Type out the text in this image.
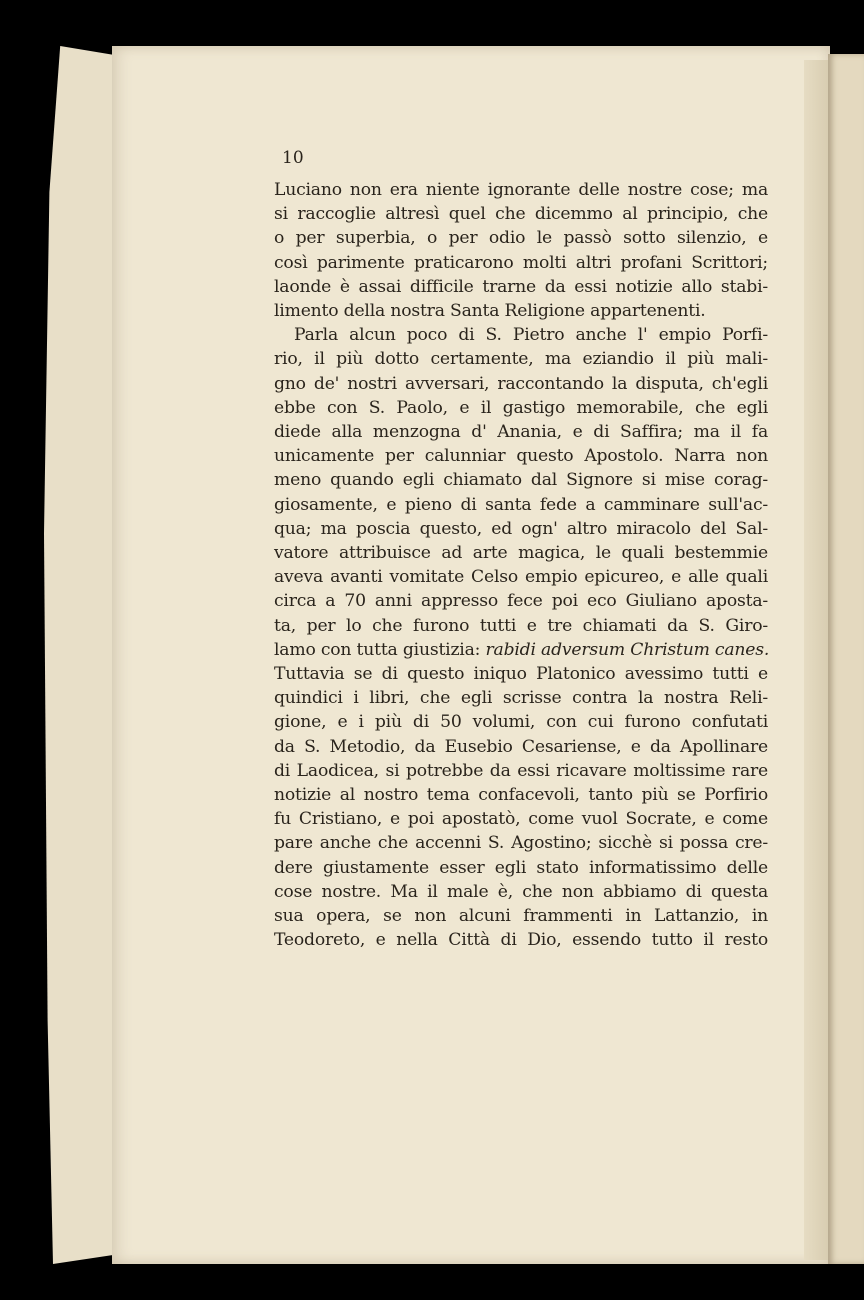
10

Luciano non era niente ignorante delle nostre cose; ma
si raccoglie altresì quel che dicemmo al principio, che
o per superbia, o per odio le passò sotto silenzio, e
così parimente praticarono molti altri profani Scrittori;
laonde è assai difficile trarne da essi notizie allo stabi-
limento della nostra Santa Religione appartenenti.
Parla alcun poco di S. Pietro anche l' empio Porfi-
rio, il più dotto certamente, ma eziandio il più mali-
gno de' nostri avversari, raccontando la disputa, ch'egli
ebbe con S. Paolo, e il gastigo memorabile, che egli
diede alla menzogna d' Anania, e di Saffira; ma il fa
unicamente per calunniar questo Apostolo. Narra non
meno quando egli chiamato dal Signore si mise corag-
giosamente, e pieno di santa fede a camminare sull'ac-
qua; ma poscia questo, ed ogn' altro miracolo del Sal-
vatore attribuisce ad arte magica, le quali bestemmie
aveva avanti vomitate Celso empio epicureo, e alle quali
circa a 70 anni appresso fece poi eco Giuliano aposta-
ta, per lo che furono tutti e tre chiamati da S. Giro-
lamo con tutta giustizia: rabidi adversum Christum canes.
Tuttavia se di questo iniquo Platonico avessimo tutti e
quindici i libri, che egli scrisse contra la nostra Reli-
gione, e i più di 50 volumi, con cui furono confutati
da S. Metodio, da Eusebio Cesariense, e da Apollinare
di Laodicea, si potrebbe da essi ricavare moltissime rare
notizie al nostro tema confacevoli, tanto più se Porfirio
fu Cristiano, e poi apostatò, come vuol Socrate, e come
pare anche che accenni S. Agostino; sicchè si possa cre-
dere giustamente esser egli stato informatissimo delle
cose nostre. Ma il male è, che non abbiamo di questa
sua opera, se non alcuni frammenti in Lattanzio, in
Teodoreto, e nella Città di Dio, essendo tutto il resto
